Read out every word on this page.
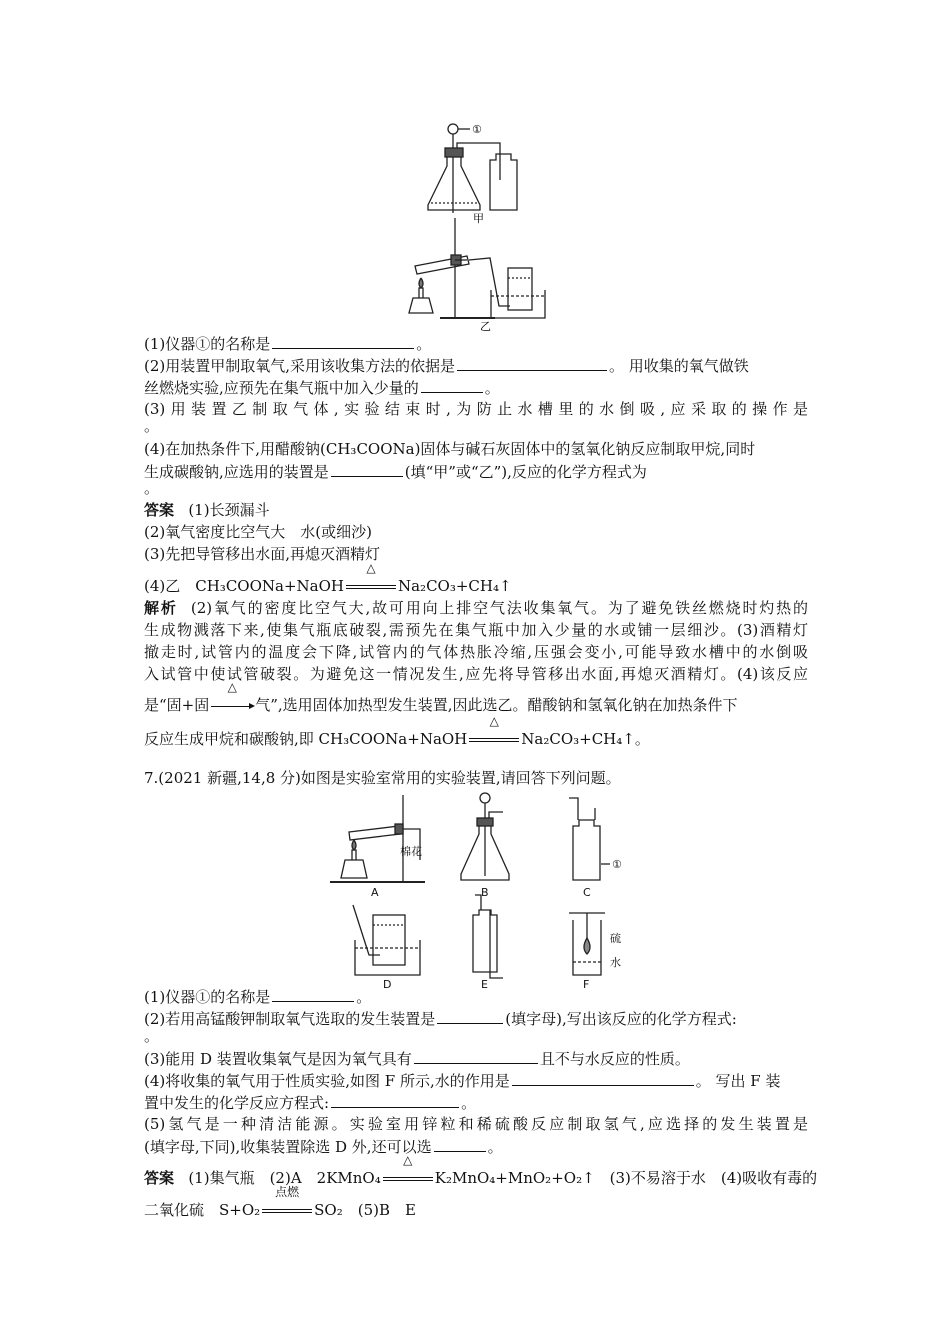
①
甲
乙
(1)仪器①的名称是	。
(2)用装置甲制取氧气,采用该收集方法的依据是	。 用收集的氧气做铁
丝燃烧实验,应预先在集气瓶中加入少量的	。
(3)用装置乙制取气体,实验结束时,为防止水槽里的水倒吸,应采取的操作是
。
(4)在加热条件下,用醋酸钠(CH₃COONa)固体与碱石灰固体中的氢氧化钠反应制取甲烷,同时
生成碳酸钠,应选用的装置是	(填“甲”或“乙”),反应的化学方程式为
。
答案 (1)长颈漏斗
(2)氧气密度比空气大　水(或细沙)
(3)先把导管移出水面,再熄灭酒精灯
(4)乙　CH₃COONa+NaOH
△
Na₂CO₃+CH₄↑
解析 (2)氧气的密度比空气大,故可用向上排空气法收集氧气。为了避免铁丝燃烧时灼热的
生成物溅落下来,使集气瓶底破裂,需预先在集气瓶中加入少量的水或铺一层细沙。(3)酒精灯
撤走时,试管内的温度会下降,试管内的气体热胀冷缩,压强会变小,可能导致水槽中的水倒吸
入试管中使试管破裂。为避免这一情况发生,应先将导管移出水面,再熄灭酒精灯。(4)该反应
是“固+固
△
气”,选用固体加热型发生装置,因此选乙。醋酸钠和氢氧化钠在加热条件下
反应生成甲烷和碳酸钠,即 CH₃COONa+NaOH
△
Na₂CO₃+CH₄↑。
7.(2021 新疆,14,8 分)如图是实验室常用的实验装置,请回答下列问题。
棉花
①
A	B	C
硫
水
D	E	F
(1)仪器①的名称是	。
(2)若用高锰酸钾制取氧气选取的发生装置是	(填字母),写出该反应的化学方程式:
。
(3)能用 D 装置收集氧气是因为氧气具有	且不与水反应的性质。
(4)将收集的氧气用于性质实验,如图 F 所示,水的作用是	。 写出 F 装
置中发生的化学反应方程式:	。
(5)氢气是一种清洁能源。实验室用锌粒和稀硫酸反应制取氢气,应选择的发生装置是
(填字母,下同),收集装置除选 D 外,还可以选	。
答案 (1)集气瓶　(2)A　2KMnO₄
△
K₂MnO₄+MnO₂+O₂↑　(3)不易溶于水　(4)吸收有毒的
二氧化硫　S+O₂
点燃
SO₂　(5)B　E
